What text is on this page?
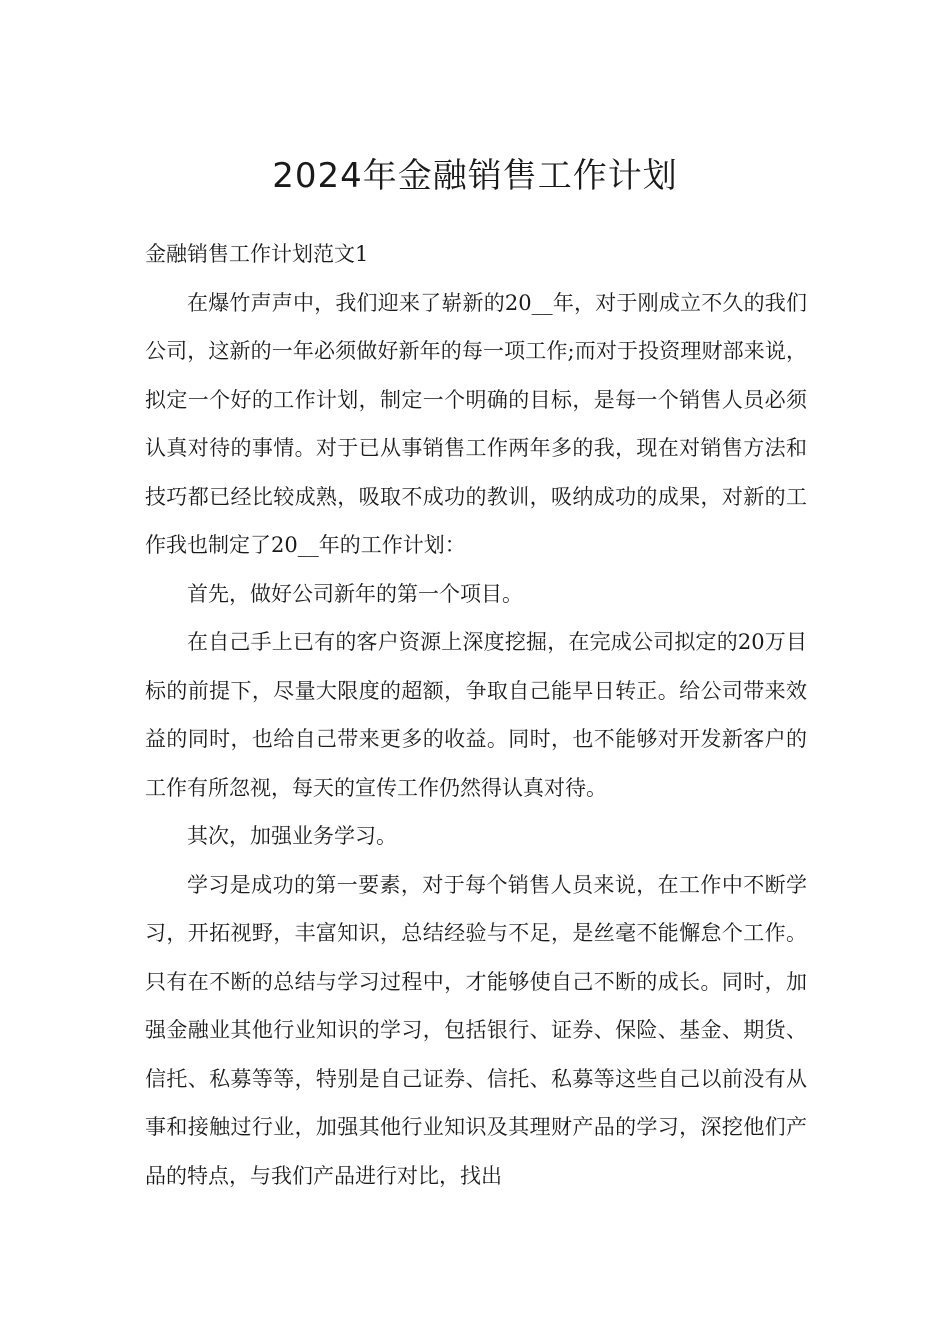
2024年金融销售工作计划

金融销售工作计划范文1

在爆竹声声中，我们迎来了崭新的20__年，对于刚成立不久的我们公司，这新的一年必须做好新年的每一项工作;而对于投资理财部来说，拟定一个好的工作计划，制定一个明确的目标，是每一个销售人员必须认真对待的事情。对于已从事销售工作两年多的我，现在对销售方法和技巧都已经比较成熟，吸取不成功的教训，吸纳成功的成果，对新的工作我也制定了20__年的工作计划：

首先，做好公司新年的第一个项目。

在自己手上已有的客户资源上深度挖掘，在完成公司拟定的20万目标的前提下，尽量大限度的超额，争取自己能早日转正。给公司带来效益的同时，也给自己带来更多的收益。同时，也不能够对开发新客户的工作有所忽视，每天的宣传工作仍然得认真对待。

其次，加强业务学习。

学习是成功的第一要素，对于每个销售人员来说，在工作中不断学习，开拓视野，丰富知识，总结经验与不足，是丝毫不能懈怠个工作。只有在不断的总结与学习过程中，才能够使自己不断的成长。同时，加强金融业其他行业知识的学习，包括银行、证券、保险、基金、期货、信托、私募等等，特别是自己证券、信托、私募等这些自己以前没有从事和接触过行业，加强其他行业知识及其理财产品的学习，深挖他们产品的特点，与我们产品进行对比，找出
